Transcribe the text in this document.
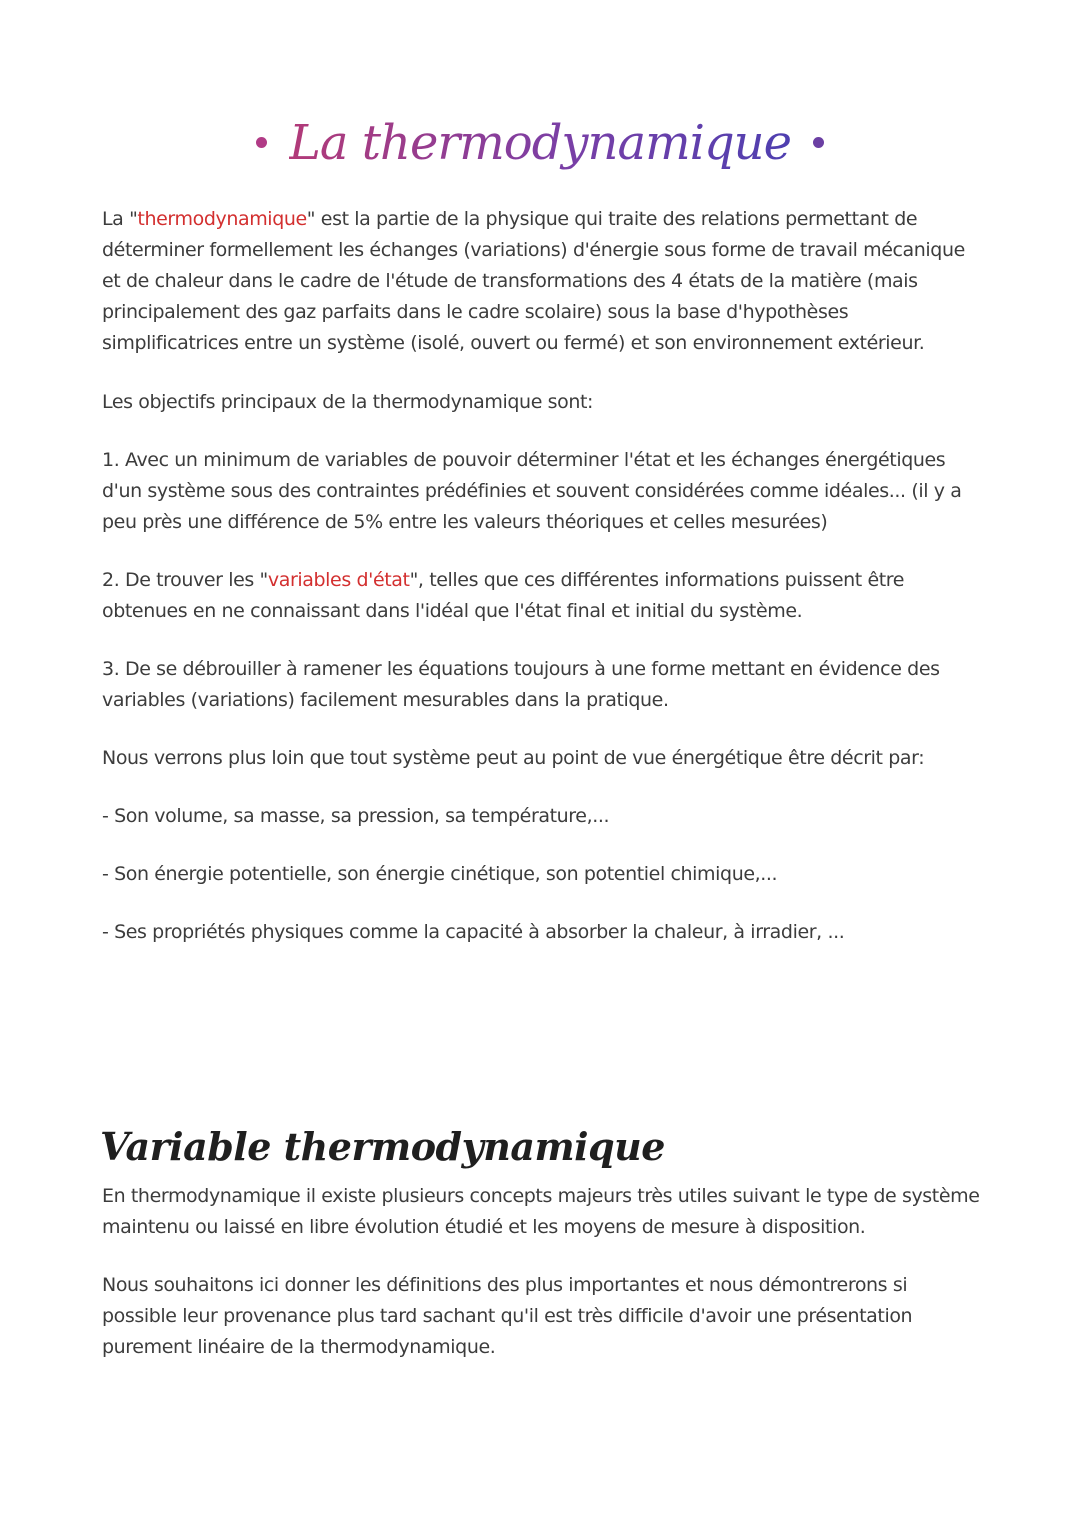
La thermodynamique
La "thermodynamique" est la partie de la physique qui traite des relations permettant de déterminer formellement les échanges (variations) d'énergie sous forme de travail mécanique et de chaleur dans le cadre de l'étude de transformations des 4 états de la matière (mais principalement des gaz parfaits dans le cadre scolaire) sous la base d'hypothèses simplificatrices entre un système (isolé, ouvert ou fermé) et son environnement extérieur.
Les objectifs principaux de la thermodynamique sont:
1. Avec un minimum de variables de pouvoir déterminer l'état et les échanges énergétiques d'un système sous des contraintes prédéfinies et souvent considérées comme idéales... (il y a peu près une différence de 5% entre les valeurs théoriques et celles mesurées)
2. De trouver les "variables d'état", telles que ces différentes informations puissent être obtenues en ne connaissant dans l'idéal que l'état final et initial du système.
3. De se débrouiller à ramener les équations toujours à une forme mettant en évidence des variables (variations) facilement mesurables dans la pratique.
Nous verrons plus loin que tout système peut au point de vue énergétique être décrit par:
- Son volume, sa masse, sa pression, sa température,...
- Son énergie potentielle, son énergie cinétique, son potentiel chimique,...
- Ses propriétés physiques comme la capacité à absorber la chaleur, à irradier, ...
Variable thermodynamique
En thermodynamique il existe plusieurs concepts majeurs très utiles suivant le type de système maintenu ou laissé en libre évolution étudié et les moyens de mesure à disposition.
Nous souhaitons ici donner les définitions des plus importantes et nous démontrerons si possible leur provenance plus tard sachant qu'il est très difficile d'avoir une présentation purement linéaire de la thermodynamique.
